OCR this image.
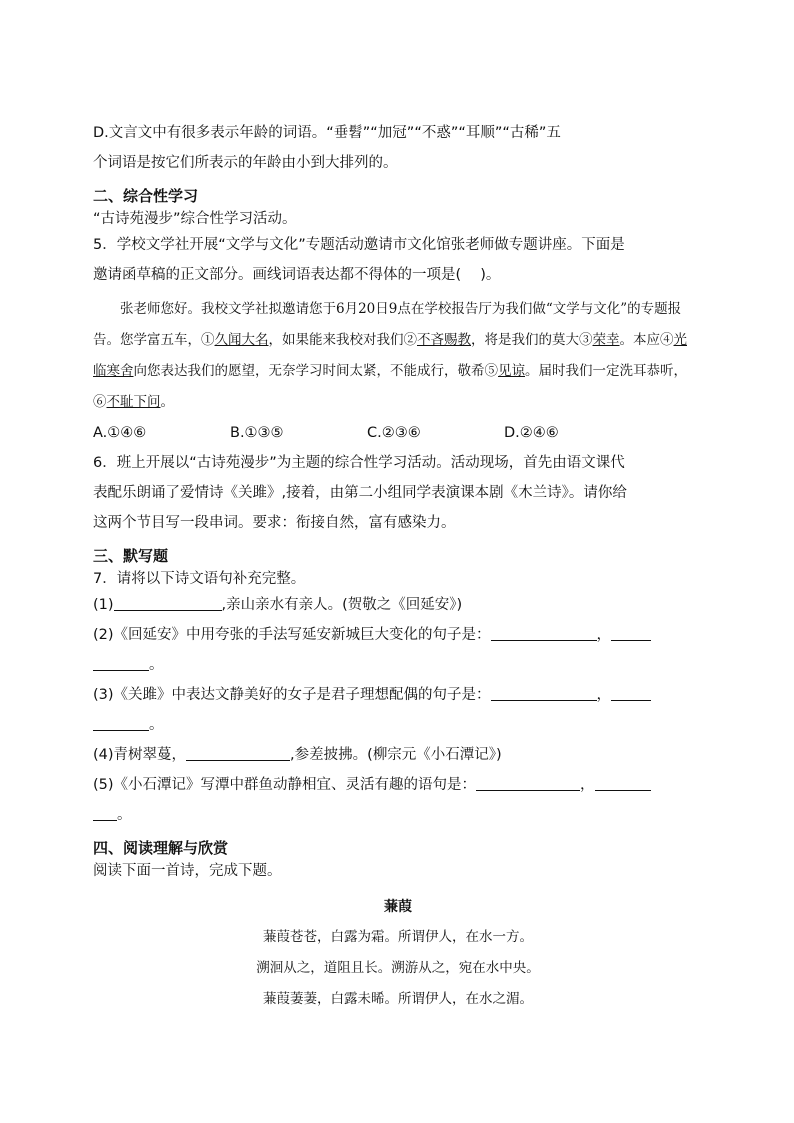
D.文言文中有很多表示年龄的词语。“垂髫”“加冠”“不惑”“耳顺”“古稀”五

个词语是按它们所表示的年龄由小到大排列的。

二、综合性学习

“古诗苑漫步”综合性学习活动。

5．学校文学社开展“文学与文化”专题活动邀请市文化馆张老师做专题讲座。下面是

邀请函草稿的正文部分。画线词语表达都不得体的一项是(　 )。

张老师您好。我校文学社拟邀请您于6月20日9点在学校报告厅为我们做“文学与文化”的专题报告。您学富五车，①久闻大名，如果能来我校对我们②不吝赐教，将是我们的莫大③荣幸。本应④光临寒舍向您表达我们的愿望，无奈学习时间太紧，不能成行，敬希⑤见谅。届时我们一定洗耳恭听，⑥不耻下问。

A.①④⑥	B.①③⑤	C.②③⑥	D.②④⑥

6．班上开展以“古诗苑漫步”为主题的综合性学习活动。活动现场，首先由语文课代

表配乐朗诵了爱情诗《关雎》,接着，由第二小组同学表演课本剧《木兰诗》。请你给

这两个节目写一段串词。要求：衔接自然，富有感染力。

三、默写题

7．请将以下诗文语句补充完整。

(1)	,亲山亲水有亲人。(贺敬之《回延安》)

(2)《回延安》中用夸张的手法写延安新城巨大变化的句子是：	，

。

(3)《关雎》中表达文静美好的女子是君子理想配偶的句子是：	，

。

(4)青树翠蔓，	,参差披拂。(柳宗元《小石潭记》)

(5)《小石潭记》写潭中群鱼动静相宜、灵活有趣的语句是：	，

。

四、阅读理解与欣赏

阅读下面一首诗，完成下题。

蒹葭

蒹葭苍苍，白露为霜。所谓伊人，在水一方。

溯洄从之，道阻且长。溯游从之，宛在水中央。

蒹葭萋萋，白露未晞。所谓伊人，在水之湄。
